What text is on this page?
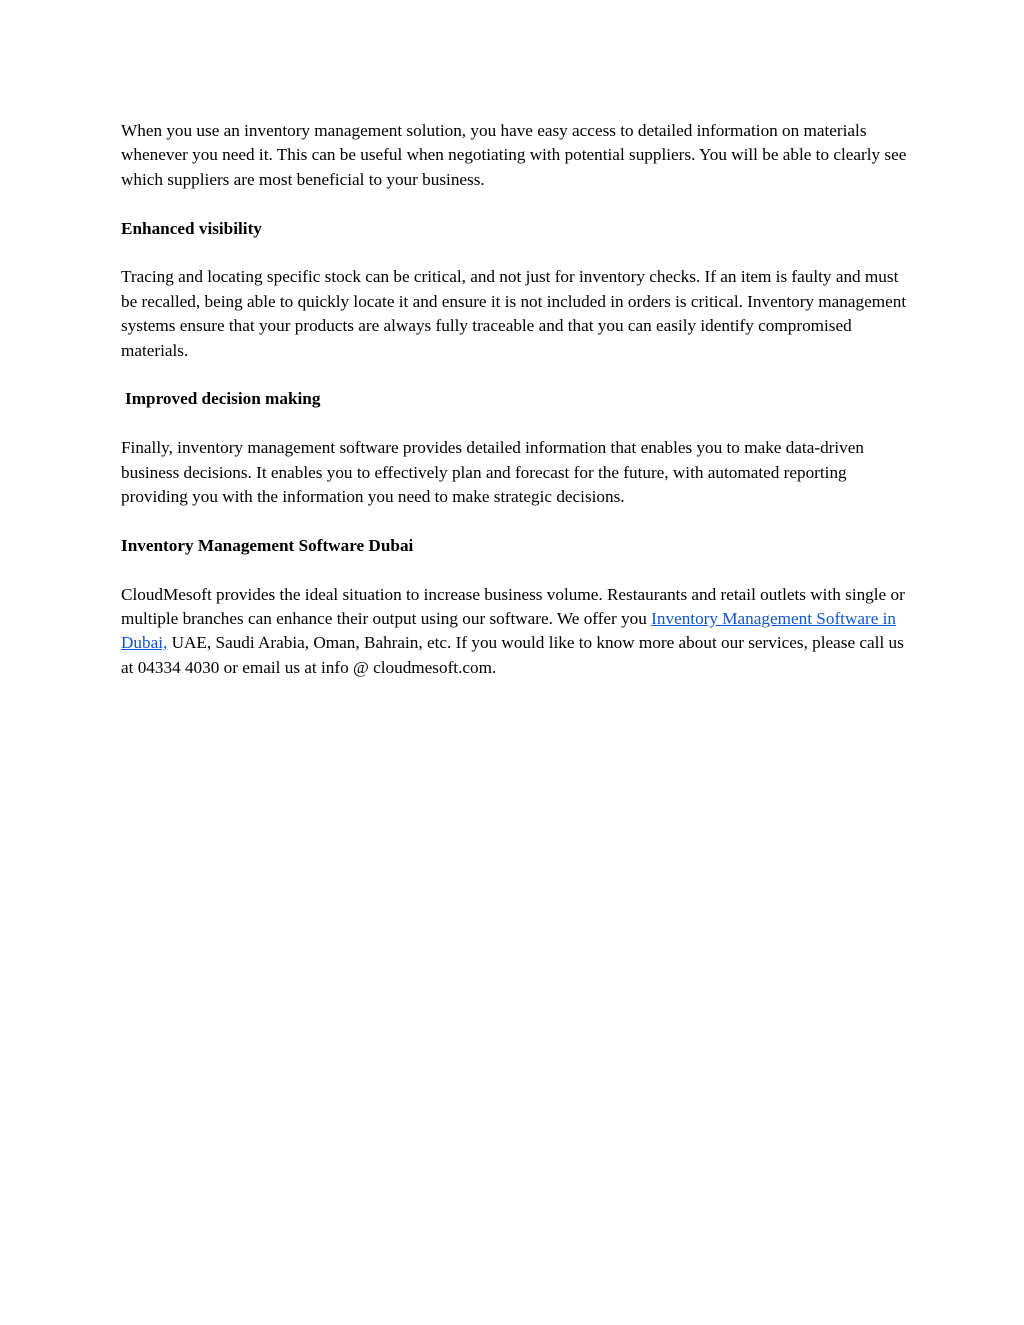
When you use an inventory management solution, you have easy access to detailed information on materials whenever you need it. This can be useful when negotiating with potential suppliers. You will be able to clearly see which suppliers are most beneficial to your business.

Enhanced visibility

Tracing and locating specific stock can be critical, and not just for inventory checks. If an item is faulty and must be recalled, being able to quickly locate it and ensure it is not included in orders is critical. Inventory management systems ensure that your products are always fully traceable and that you can easily identify compromised materials.

Improved decision making

Finally, inventory management software provides detailed information that enables you to make data-driven business decisions. It enables you to effectively plan and forecast for the future, with automated reporting providing you with the information you need to make strategic decisions.

Inventory Management Software Dubai

CloudMesoft provides the ideal situation to increase business volume. Restaurants and retail outlets with single or multiple branches can enhance their output using our software. We offer you Inventory Management Software in Dubai, UAE, Saudi Arabia, Oman, Bahrain, etc. If you would like to know more about our services, please call us at 04334 4030 or email us at info @ cloudmesoft.com.
